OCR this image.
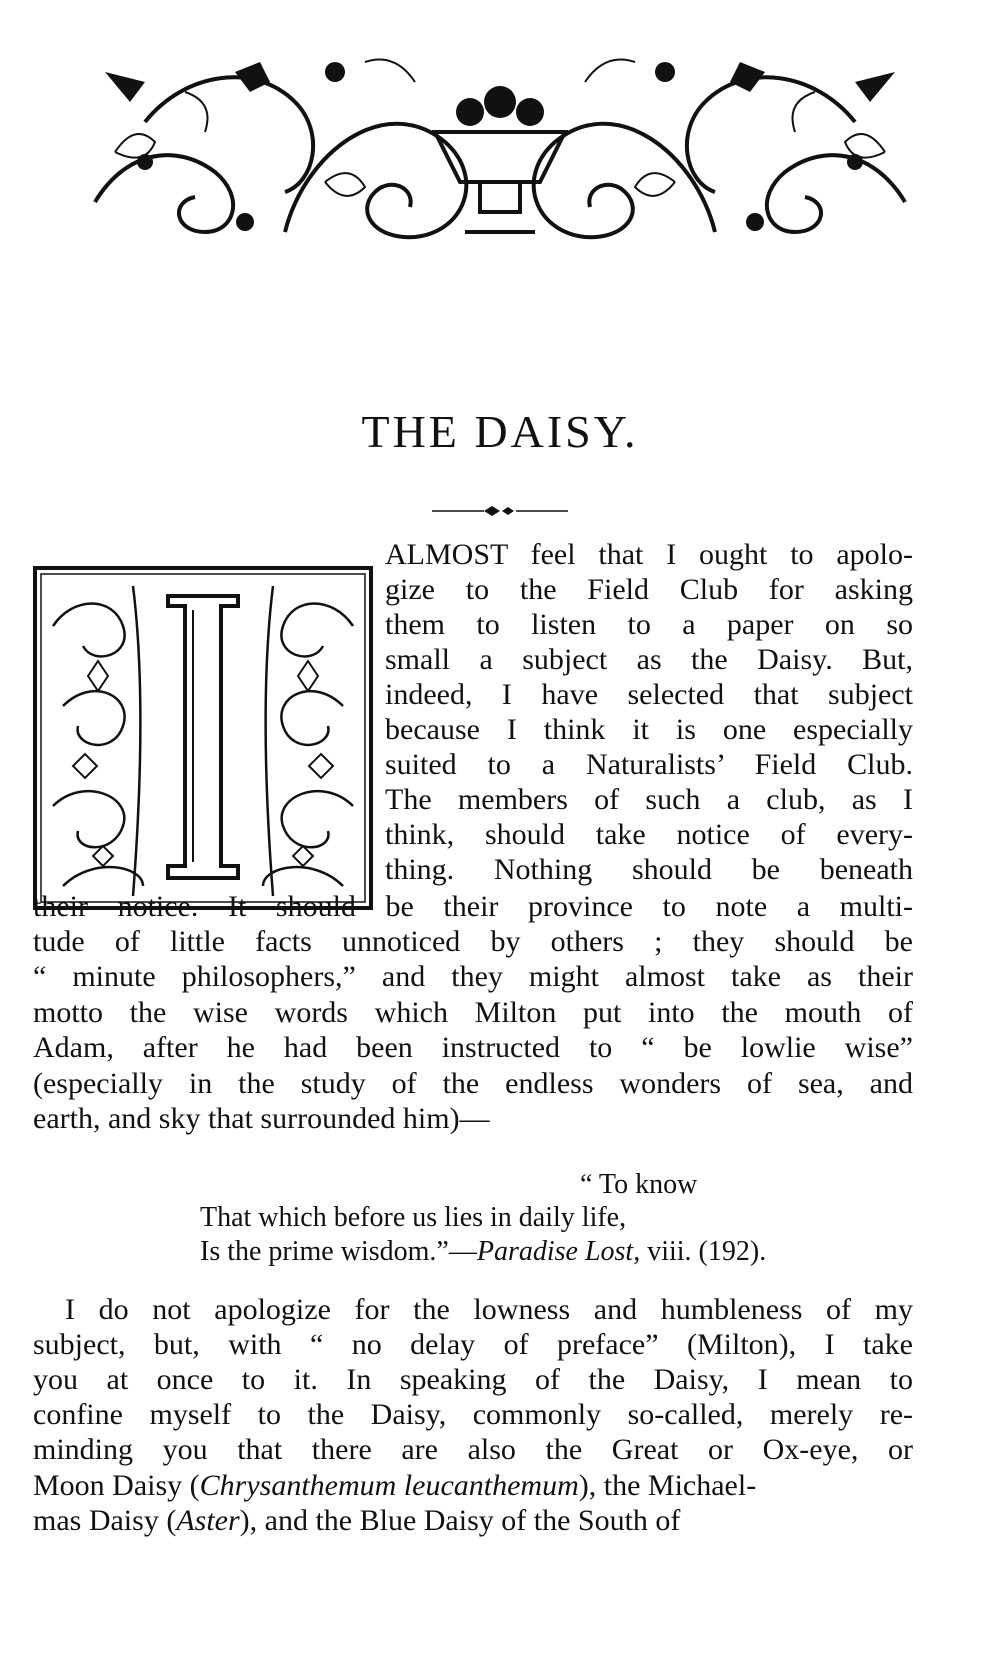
THE DAISY.
I	ALMOST feel that I ought to apolo-
gize to the Field Club for asking
them to listen to a paper on so
small a subject as the Daisy. But,
indeed, I have selected that subject
because I think it is one especially
suited to a Naturalists’ Field Club.
The members of such a club, as I
think, should take notice of every-
thing. Nothing should be beneath
their notice. It should be their province to note a multi-
tude of little facts unnoticed by others ; they should be
“ minute philosophers,” and they might almost take as their
motto the wise words which Milton put into the mouth of
Adam, after he had been instructed to “ be lowlie wise”
(especially in the study of the endless wonders of sea, and
earth, and sky that surrounded him)—
“ To know
That which before us lies in daily life,
Is the prime wisdom.”—Paradise Lost, viii. (192).
I do not apologize for the lowness and humbleness of my
subject, but, with “ no delay of preface” (Milton), I take
you at once to it. In speaking of the Daisy, I mean to
confine myself to the Daisy, commonly so-called, merely re-
minding you that there are also the Great or Ox-eye, or
Moon Daisy (Chrysanthemum leucanthemum), the Michael-
mas Daisy (Aster), and the Blue Daisy of the South of
